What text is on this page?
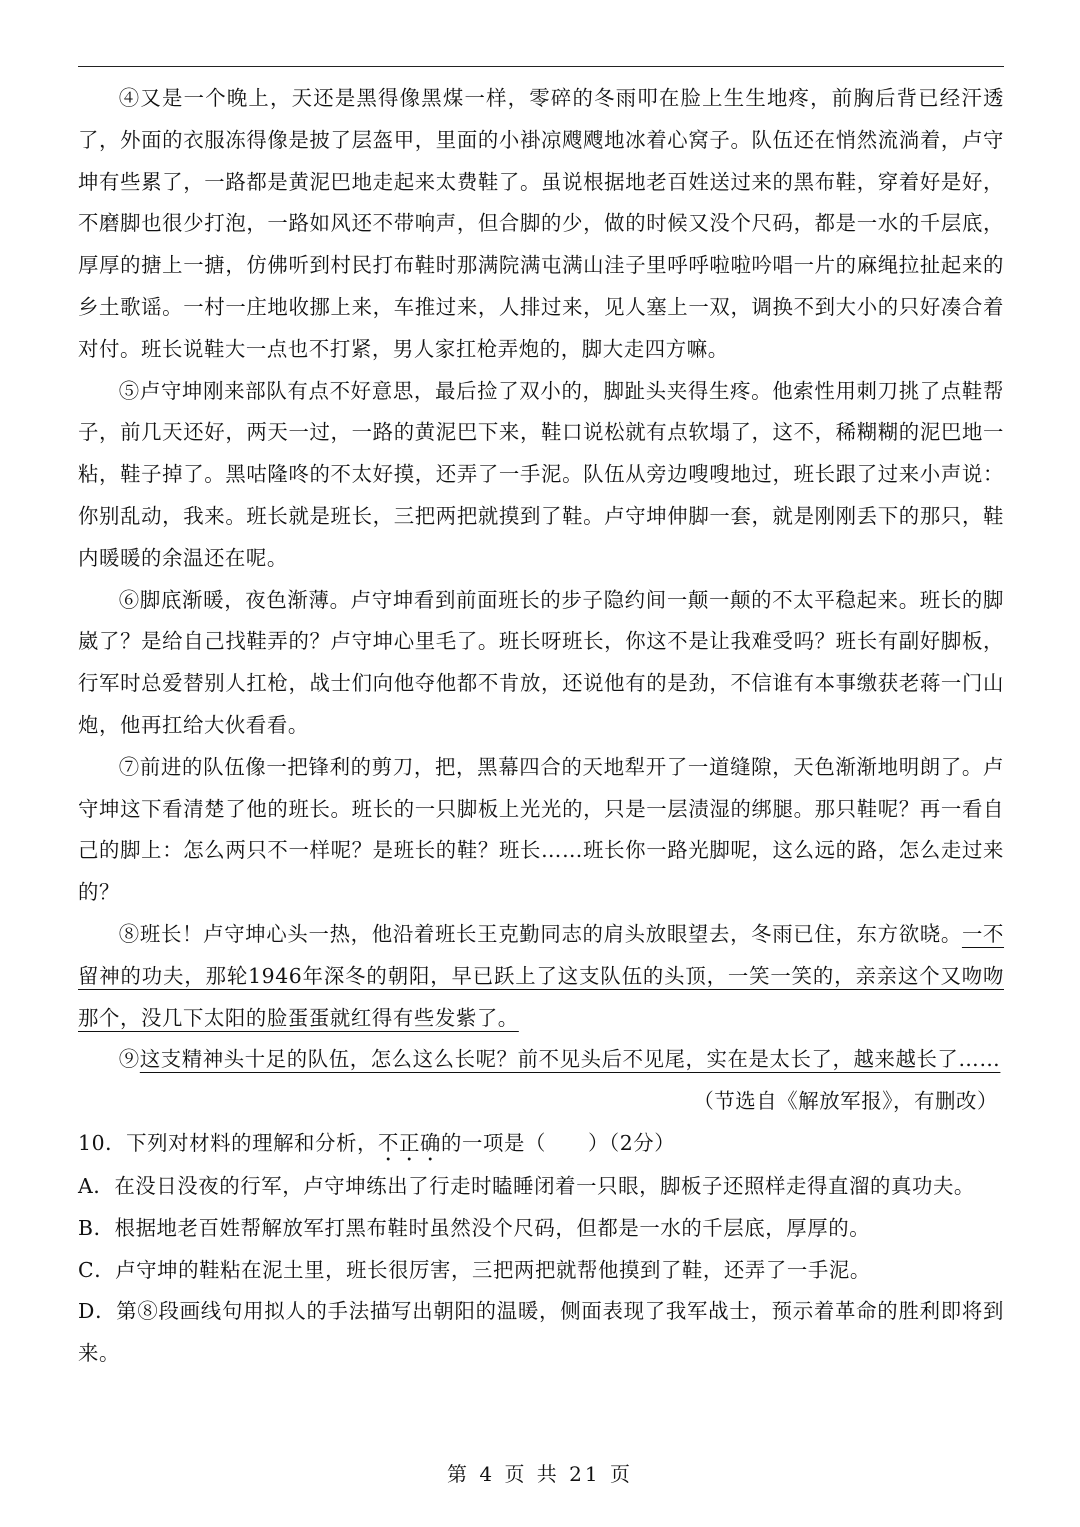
④又是一个晚上，天还是黑得像黑煤一样，零碎的冬雨叩在脸上生生地疼，前胸后背已经汗透了，外面的衣服冻得像是披了层盔甲，里面的小褂凉飕飕地冰着心窝子。队伍还在悄然流淌着，卢守坤有些累了，一路都是黄泥巴地走起来太费鞋了。虽说根据地老百姓送过来的黑布鞋，穿着好是好，不磨脚也很少打泡，一路如风还不带响声，但合脚的少，做的时候又没个尺码，都是一水的千层底，厚厚的搪上一搪，仿佛听到村民打布鞋时那满院满屯满山洼子里呼呼啦啦吟唱一片的麻绳拉扯起来的乡土歌谣。一村一庄地收挪上来，车推过来，人排过来，见人塞上一双，调换不到大小的只好凑合着对付。班长说鞋大一点也不打紧，男人家扛枪弄炮的，脚大走四方嘛。

⑤卢守坤刚来部队有点不好意思，最后捡了双小的，脚趾头夹得生疼。他索性用刺刀挑了点鞋帮子，前几天还好，两天一过，一路的黄泥巴下来，鞋口说松就有点软塌了，这不，稀糊糊的泥巴地一粘，鞋子掉了。黑咕隆咚的不太好摸，还弄了一手泥。队伍从旁边嗖嗖地过，班长跟了过来小声说：你别乱动，我来。班长就是班长，三把两把就摸到了鞋。卢守坤伸脚一套，就是刚刚丢下的那只，鞋内暖暖的余温还在呢。

⑥脚底渐暖，夜色渐薄。卢守坤看到前面班长的步子隐约间一颠一颠的不太平稳起来。班长的脚崴了？是给自己找鞋弄的？卢守坤心里毛了。班长呀班长，你这不是让我难受吗？班长有副好脚板，行军时总爱替别人扛枪，战士们向他夺他都不肯放，还说他有的是劲，不信谁有本事缴获老蒋一门山炮，他再扛给大伙看看。

⑦前进的队伍像一把锋利的剪刀，把，黑幕四合的天地犁开了一道缝隙，天色渐渐地明朗了。卢守坤这下看清楚了他的班长。班长的一只脚板上光光的，只是一层渍湿的绑腿。那只鞋呢？再一看自己的脚上：怎么两只不一样呢？是班长的鞋？班长……班长你一路光脚呢，这么远的路，怎么走过来的？

⑧班长！卢守坤心头一热，他沿着班长王克勤同志的肩头放眼望去，冬雨已住，东方欲晓。一不留神的功夫，那轮1946年深冬的朝阳，早已跃上了这支队伍的头顶，一笑一笑的，亲亲这个又吻吻那个，没几下太阳的脸蛋蛋就红得有些发紫了。

⑨这支精神头十足的队伍，怎么这么长呢？前不见头后不见尾，实在是太长了，越来越长了……

（节选自《解放军报》，有删改）

10．下列对材料的理解和分析，不正确的一项是（　　）（2分）

A．在没日没夜的行军，卢守坤练出了行走时瞌睡闭着一只眼，脚板子还照样走得直溜的真功夫。

B．根据地老百姓帮解放军打黑布鞋时虽然没个尺码，但都是一水的千层底，厚厚的。

C．卢守坤的鞋粘在泥土里，班长很厉害，三把两把就帮他摸到了鞋，还弄了一手泥。

D．第⑧段画线句用拟人的手法描写出朝阳的温暖，侧面表现了我军战士，预示着革命的胜利即将到来。

第 4 页 共 21 页
